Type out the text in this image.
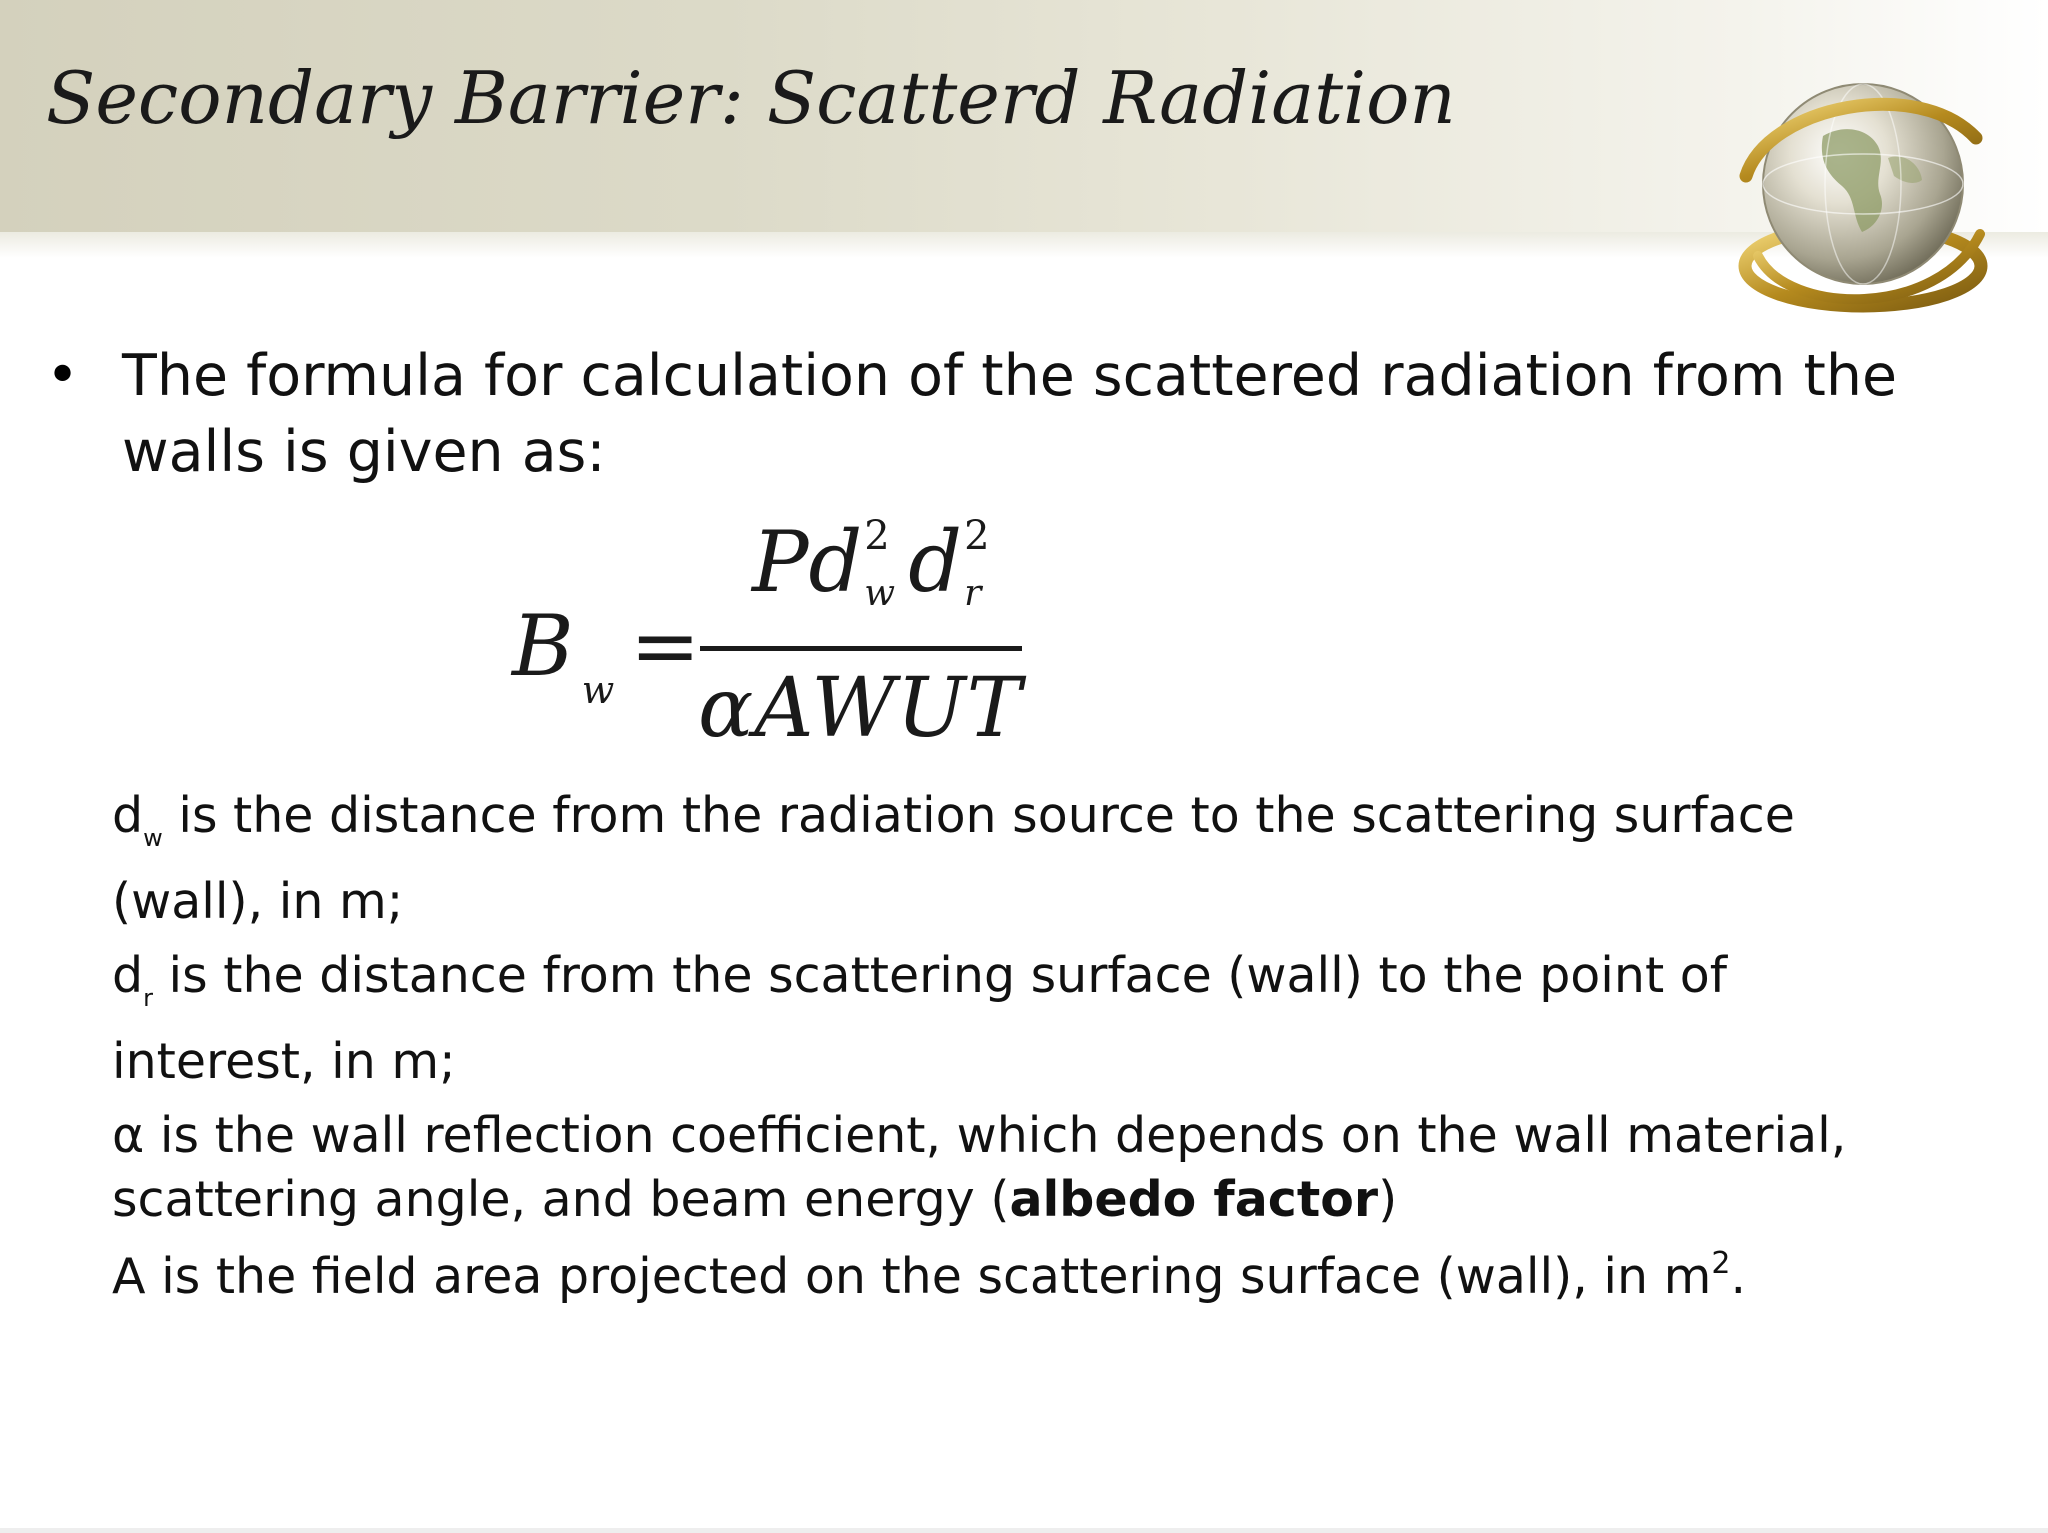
Secondary Barrier: Scatterd Radiation
• The formula for calculation of the scattered radiation from the walls is given as:

B $_w$ =
Pd 2
w d 2
r
αAWUT

$d_w$ is the distance from the radiation source to the scattering surface (wall), in m;

$d_r$ is the distance from the scattering surface (wall) to the point of interest, in m;

α is the wall reflection coefficient, which depends on the wall material, scattering angle, and beam energy (albedo factor)

A is the field area projected on the scattering surface (wall), in $m^2$.
